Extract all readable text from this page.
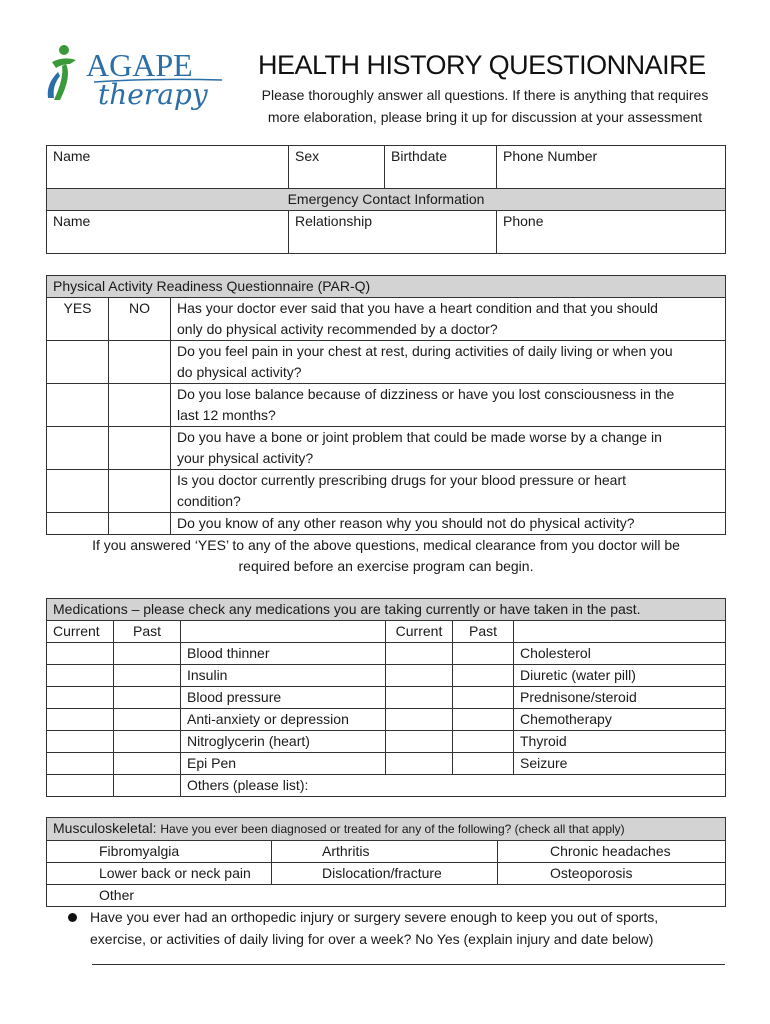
AGAPE
therapy
HEALTH HISTORY QUESTIONNAIRE
Please thoroughly answer all questions. If there is anything that requires
more elaboration, please bring it up for discussion at your assessment
Name	Sex	Birthdate	Phone Number
Emergency Contact Information			
Name	Relationship		Phone
Physical Activity Readiness Questionnaire (PAR-Q)		
YES	NO	Has your doctor ever said that you have a heart condition and that you should
only do physical activity recommended by a doctor?

		Do you feel pain in your chest at rest, during activities of daily living or when you
do physical activity?

		Do you lose balance because of dizziness or have you lost consciousness in the
last 12 months?

		Do you have a bone or joint problem that could be made worse by a change in
your physical activity?

		Is you doctor currently prescribing drugs for your blood pressure or heart
condition?

		Do you know of any other reason why you should not do physical activity?
If you answered ‘YES’ to any of the above questions, medical clearance from you doctor will be
required before an exercise program can begin.
Medications – please check any medications you are taking currently or have taken in the past.					
Current	Past		Current	Past	
		Blood thinner			Cholesterol
		Insulin			Diuretic (water pill)
		Blood pressure			Prednisone/steroid
		Anti-anxiety or depression			Chemotherapy
		Nitroglycerin (heart)			Thyroid
		Epi Pen			Seizure
		Others (please list):			
Musculoskeletal: Have you ever been diagnosed or treated for any of the following? (check all that apply)		
Fibromyalgia	Arthritis	Chronic headaches
Lower back or neck pain	Dislocation/fracture	Osteoporosis
Other		
Have you ever had an orthopedic injury or surgery severe enough to keep you out of sports,
exercise, or activities of daily living for over a week? No Yes (explain injury and date below)
